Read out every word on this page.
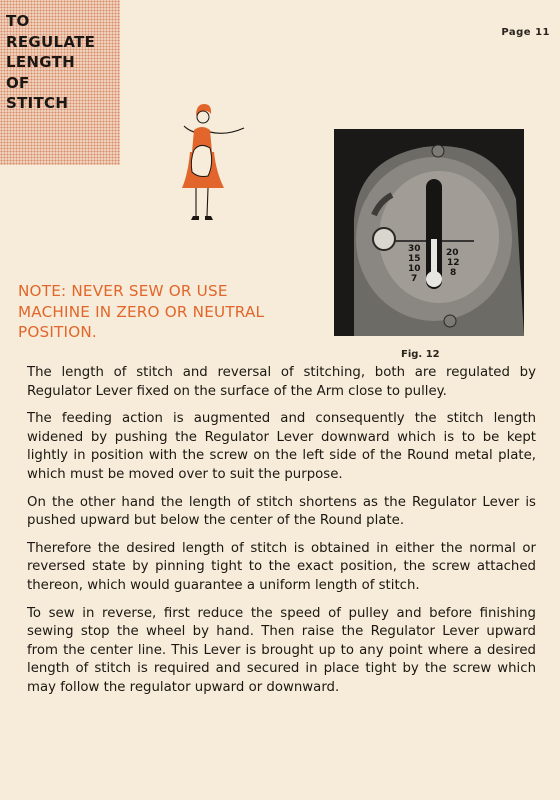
TO
REGULATE
LENGTH
OF
STITCH
Page 11
30
15
10
7
20
12
8
Fig. 12

NOTE: NEVER SEW OR USE MACHINE IN ZERO OR NEUTRAL POSITION.

The length of stitch and reversal of stitching, both are regulated by Regulator Lever fixed on the surface of the Arm close to pulley.

The feeding action is augmented and consequently the stitch length widened by pushing the Regulator Lever downward which is to be kept lightly in position with the screw on the left side of the Round metal plate, which must be moved over to suit the purpose.

On the other hand the length of stitch shortens as the Regulator Lever is pushed upward but below the center of the Round plate.

Therefore the desired length of stitch is obtained in either the normal or reversed state by pinning tight to the exact position, the screw attached thereon, which would guarantee a uniform length of stitch.

To sew in reverse, first reduce the speed of pulley and before finishing sewing stop the wheel by hand. Then raise the Regulator Lever upward from the center line. This Lever is brought up to any point where a desired length of stitch is required and secured in place tight by the screw which may follow the regulator upward or downward.
